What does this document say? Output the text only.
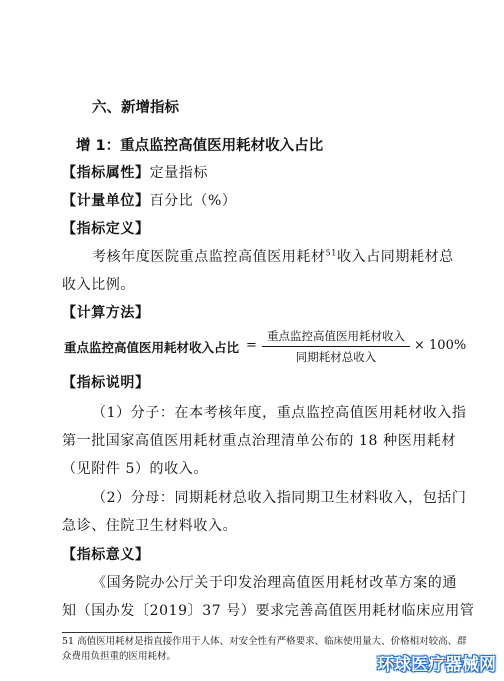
六、新增指标
增 1：重点监控高值医用耗材收入占比
【指标属性】定量指标
【计量单位】百分比（%）
【指标定义】
考核年度医院重点监控高值医用耗材$^{51}$收入占同期耗材总
收入比例。
【计算方法】
重点监控高值医用耗材收入占比 =
重点监控高值医用耗材收入
同期耗材总收入
× 100%
【指标说明】
（1）分子：在本考核年度，重点监控高值医用耗材收入指
第一批国家高值医用耗材重点治理清单公布的 18 种医用耗材
（见附件 5）的收入。
（2）分母：同期耗材总收入指同期卫生材料收入，包括门
急诊、住院卫生材料收入。
【指标意义】
《国务院办公厅关于印发治理高值医用耗材改革方案的通
知（国办发〔2019〕37 号）要求完善高值医用耗材临床应用管
51 高值医用耗材是指直接作用于人体、对安全性有严格要求、临床使用量大、价格相对较高、群
众费用负担重的医用耗材。	环球医疗器械网
